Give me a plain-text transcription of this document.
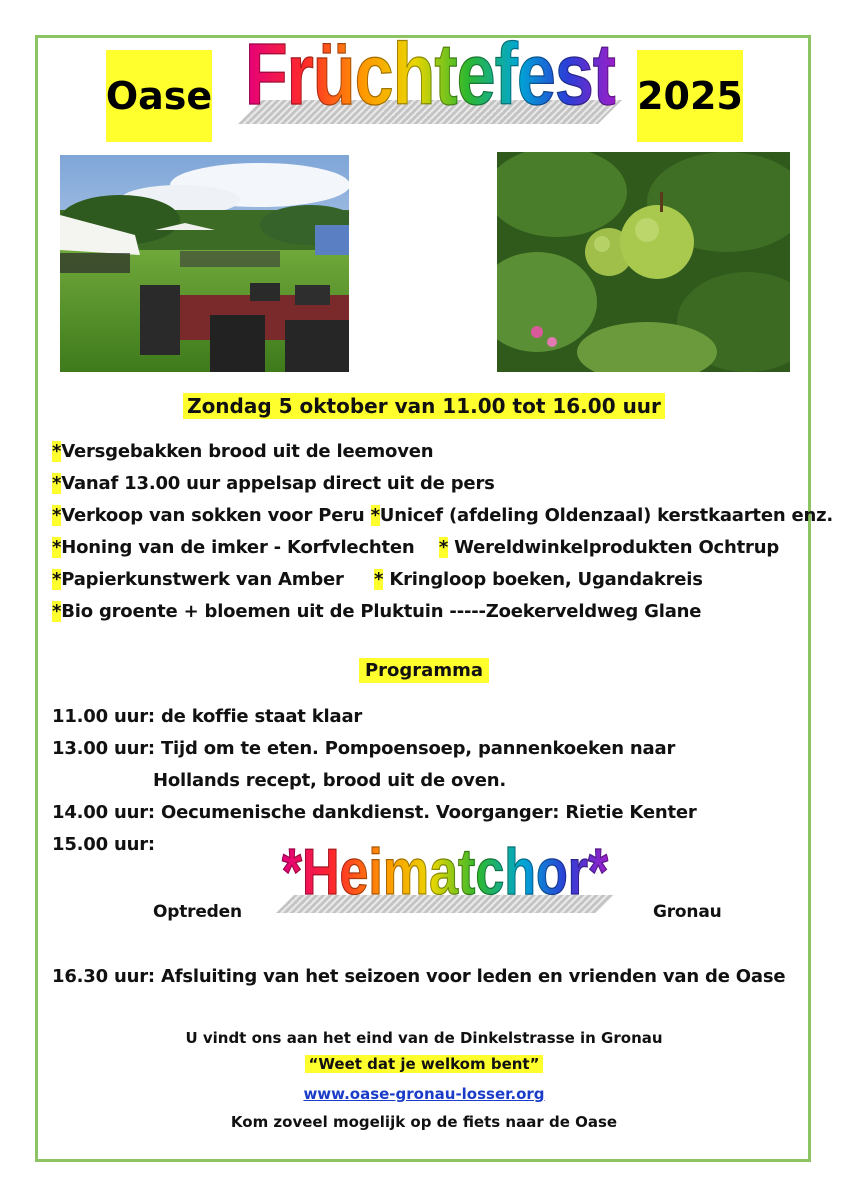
Oase	2025
Früchtefest
Zondag 5 oktober van 11.00 tot 16.00 uur
*Versgebakken brood uit de leemoven
*Vanaf 13.00 uur appelsap direct uit de pers
*Verkoop van sokken voor Peru *Unicef (afdeling Oldenzaal) kerstkaarten enz.
*Honing van de imker - Korfvlechten    * Wereldwinkelprodukten Ochtrup
*Papierkunstwerk van Amber     * Kringloop boeken, Ugandakreis
*Bio groente + bloemen uit de Pluktuin -----Zoekerveldweg Glane
Programma
11.00 uur: de koffie staat klaar
13.00 uur: Tijd om te eten. Pompoensoep, pannenkoeken naar
Hollands recept, brood uit de oven.
14.00 uur: Oecumenische dankdienst. Voorganger: Rietie Kenter
15.00 uur:
Optreden
*Heimatchor*
Gronau
16.30 uur: Afsluiting van het seizoen voor leden en vrienden van de Oase
U vindt ons aan het eind van de Dinkelstrasse in Gronau
“Weet dat je welkom bent”
www.oase-gronau-losser.org
Kom zoveel mogelijk op de fiets naar de Oase
